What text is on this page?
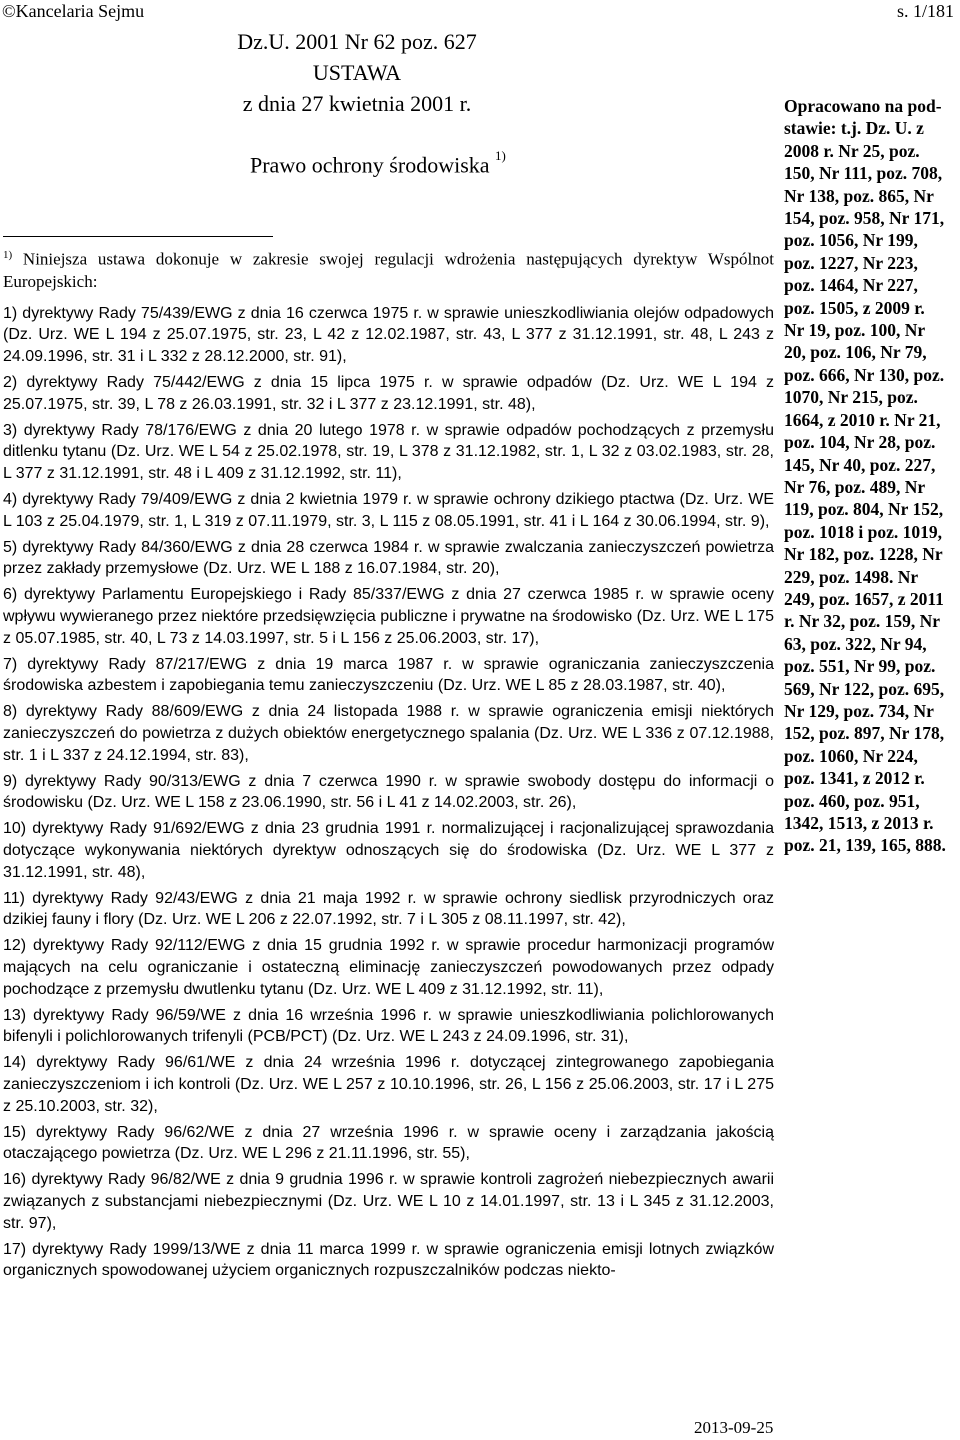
©Kancelaria Sejmu	s. 1/181
Dz.U. 2001 Nr 62 poz. 627
USTAWA
z dnia 27 kwietnia 2001 r.
Prawo ochrony środowiska $^{1)}$

$^{1)}$ Niniejsza ustawa dokonuje w zakresie swojej regulacji wdrożenia następujących dyrektyw Wspólnot Europejskich:

1) dyrektywy Rady 75/439/EWG z dnia 16 czerwca 1975 r. w sprawie unieszkodliwiania olejów odpadowych (Dz. Urz. WE L 194 z 25.07.1975, str. 23, L 42 z 12.02.1987, str. 43, L 377 z 31.12.1991, str. 48, L 243 z 24.09.1996, str. 31 i L 332 z 28.12.2000, str. 91),

2) dyrektywy Rady 75/442/EWG z dnia 15 lipca 1975 r. w sprawie odpadów (Dz. Urz. WE L 194 z 25.07.1975, str. 39, L 78 z 26.03.1991, str. 32 i L 377 z 23.12.1991, str. 48),

3) dyrektywy Rady 78/176/EWG z dnia 20 lutego 1978 r. w sprawie odpadów pochodzących z przemysłu ditlenku tytanu (Dz. Urz. WE L 54 z 25.02.1978, str. 19, L 378 z 31.12.1982, str. 1, L 32 z 03.02.1983, str. 28, L 377 z 31.12.1991, str. 48 i L 409 z 31.12.1992, str. 11),

4) dyrektywy Rady 79/409/EWG z dnia 2 kwietnia 1979 r. w sprawie ochrony dzikiego ptactwa (Dz. Urz. WE L 103 z 25.04.1979, str. 1, L 319 z 07.11.1979, str. 3, L 115 z 08.05.1991, str. 41 i L 164 z 30.06.1994, str. 9),

5) dyrektywy Rady 84/360/EWG z dnia 28 czerwca 1984 r. w sprawie zwalczania zanieczyszczeń powietrza przez zakłady przemysłowe (Dz. Urz. WE L 188 z 16.07.1984, str. 20),

6) dyrektywy Parlamentu Europejskiego i Rady 85/337/EWG z dnia 27 czerwca 1985 r. w sprawie oceny wpływu wywieranego przez niektóre przedsięwzięcia publiczne i prywatne na środowisko (Dz. Urz. WE L 175 z 05.07.1985, str. 40, L 73 z 14.03.1997, str. 5 i L 156 z 25.06.2003, str. 17),

7) dyrektywy Rady 87/217/EWG z dnia 19 marca 1987 r. w sprawie ograniczania zanieczyszczenia środowiska azbestem i zapobiegania temu zanieczyszczeniu (Dz. Urz. WE L 85 z 28.03.1987, str. 40),

8) dyrektywy Rady 88/609/EWG z dnia 24 listopada 1988 r. w sprawie ograniczenia emisji niektórych zanieczyszczeń do powietrza z dużych obiektów energetycznego spalania (Dz. Urz. WE L 336 z 07.12.1988, str. 1 i L 337 z 24.12.1994, str. 83),

9) dyrektywy Rady 90/313/EWG z dnia 7 czerwca 1990 r. w sprawie swobody dostępu do informacji o środowisku (Dz. Urz. WE L 158 z 23.06.1990, str. 56 i L 41 z 14.02.2003, str. 26),

10) dyrektywy Rady 91/692/EWG z dnia 23 grudnia 1991 r. normalizującej i racjonalizującej sprawozdania dotyczące wykonywania niektórych dyrektyw odnoszących się do środowiska (Dz. Urz. WE L 377 z 31.12.1991, str. 48),

11) dyrektywy Rady 92/43/EWG z dnia 21 maja 1992 r. w sprawie ochrony siedlisk przyrodniczych oraz dzikiej fauny i flory (Dz. Urz. WE L 206 z 22.07.1992, str. 7 i L 305 z 08.11.1997, str. 42),

12) dyrektywy Rady 92/112/EWG z dnia 15 grudnia 1992 r. w sprawie procedur harmonizacji programów mających na celu ograniczanie i ostateczną eliminację zanieczyszczeń powodowanych przez odpady pochodzące z przemysłu dwutlenku tytanu (Dz. Urz. WE L 409 z 31.12.1992, str. 11),

13) dyrektywy Rady 96/59/WE z dnia 16 września 1996 r. w sprawie unieszkodliwiania polichlorowanych bifenyli i polichlorowanych trifenyli (PCB/PCT) (Dz. Urz. WE L 243 z 24.09.1996, str. 31),

14) dyrektywy Rady 96/61/WE z dnia 24 września 1996 r. dotyczącej zintegrowanego zapobiegania zanieczyszczeniom i ich kontroli (Dz. Urz. WE L 257 z 10.10.1996, str. 26, L 156 z 25.06.2003, str. 17 i L 275 z 25.10.2003, str. 32),

15) dyrektywy Rady 96/62/WE z dnia 27 września 1996 r. w sprawie oceny i zarządzania jakością otaczającego powietrza (Dz. Urz. WE L 296 z 21.11.1996, str. 55),

16) dyrektywy Rady 96/82/WE z dnia 9 grudnia 1996 r. w sprawie kontroli zagrożeń niebezpiecznych awarii związanych z substancjami niebezpiecznymi (Dz. Urz. WE L 10 z 14.01.1997, str. 13 i L 345 z 31.12.2003, str. 97),

17) dyrektywy Rady 1999/13/WE z dnia 11 marca 1999 r. w sprawie ograniczenia emisji lotnych związków organicznych spowodowanej użyciem organicznych rozpuszczalników podczas niekto-

Opracowano na pod-
stawie: t.j. Dz. U. z
2008 r. Nr 25, poz.
150, Nr 111, poz. 708,
Nr 138, poz. 865, Nr
154, poz. 958, Nr 171,
poz. 1056, Nr 199,
poz. 1227, Nr 223,
poz. 1464, Nr 227,
poz. 1505, z 2009 r.
Nr 19, poz. 100, Nr
20, poz. 106, Nr 79,
poz. 666, Nr 130, poz.
1070, Nr 215, poz.
1664, z 2010 r. Nr 21,
poz. 104, Nr 28, poz.
145, Nr 40, poz. 227,
Nr 76, poz. 489, Nr
119, poz. 804, Nr 152,
poz. 1018 i poz. 1019,
Nr 182, poz. 1228, Nr
229, poz. 1498. Nr
249, poz. 1657, z 2011
r. Nr 32, poz. 159, Nr
63, poz. 322, Nr 94,
poz. 551, Nr 99, poz.
569, Nr 122, poz. 695,
Nr 129, poz. 734, Nr
152, poz. 897, Nr 178,
poz. 1060, Nr 224,
poz. 1341, z 2012 r.
poz. 460, poz. 951,
1342, 1513, z 2013 r.
poz. 21, 139, 165, 888.
2013-09-25
